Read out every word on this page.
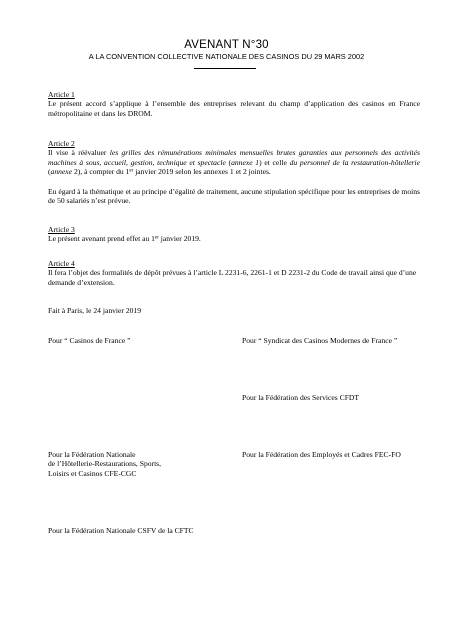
AVENANT N°30
A LA CONVENTION COLLECTIVE NATIONALE DES CASINOS DU 29 MARS 2002
Article 1
Le présent accord s’applique à l’ensemble des entreprises relevant du champ d’application des casinos en France métropolitaine et dans les DROM.
Article 2
Il vise à réévaluer les grilles des rémunérations minimales mensuelles brutes garanties aux personnels des activités machines à sous, accueil, gestion, technique et spectacle (annexe 1) et celle du personnel de la restauration-hôtellerie (annexe 2), à compter du 1er janvier 2019 selon les annexes 1 et 2 jointes.
Eu égard à la thématique et au principe d’égalité de traitement, aucune stipulation spécifique pour les entreprises de moins de 50 salariés n’est prévue.
Article 3
Le présent avenant prend effet au 1er janvier 2019.
Article 4
Il fera l’objet des formalités de dépôt prévues à l’article L 2231-6, 2261-1 et D 2231-2 du Code de travail ainsi que d’une demande d’extension.
Fait à Paris, le 24 janvier 2019
Pour “ Casinos de France ”	Pour “ Syndicat des Casinos Modernes de France ”
Pour la Fédération des Services CFDT
Pour la Fédération Nationale
de l’Hôtellerie-Restaurations, Sports,
Loisirs et Casinos CFE-CGC
Pour la Fédération des Employés et Cadres FEC-FO
Pour la Fédération Nationale CSFV de la CFTC
